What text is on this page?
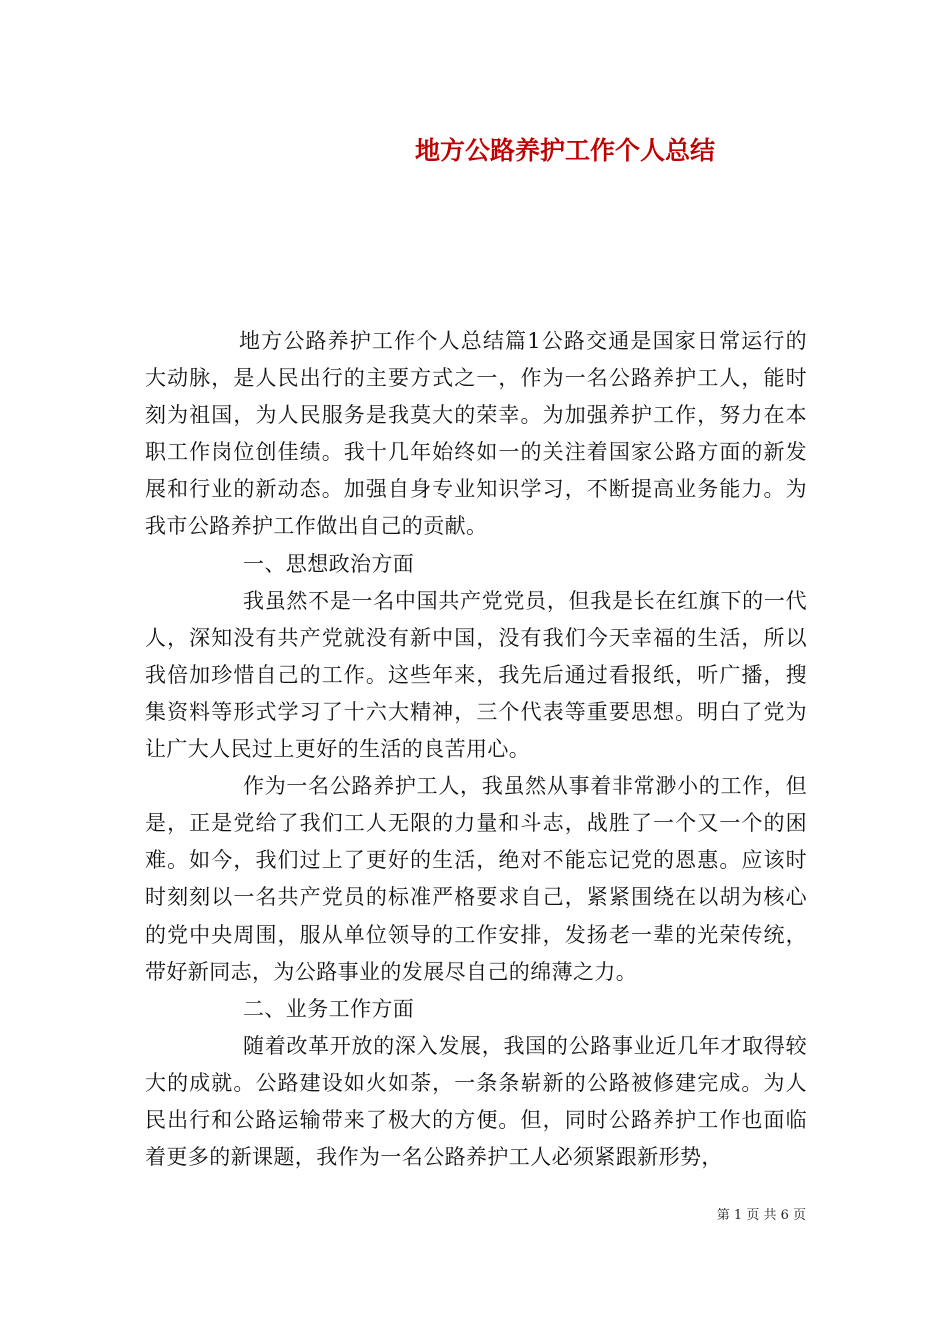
地方公路养护工作个人总结

地方公路养护工作个人总结篇1公路交通是国家日常运行的大动脉，是人民出行的主要方式之一，作为一名公路养护工人，能时刻为祖国，为人民服务是我莫大的荣幸。为加强养护工作，努力在本职工作岗位创佳绩。我十几年始终如一的关注着国家公路方面的新发展和行业的新动态。加强自身专业知识学习，不断提高业务能力。为我市公路养护工作做出自己的贡献。

一、思想政治方面

我虽然不是一名中国共产党党员，但我是长在红旗下的一代人，深知没有共产党就没有新中国，没有我们今天幸福的生活，所以我倍加珍惜自己的工作。这些年来，我先后通过看报纸，听广播，搜集资料等形式学习了十六大精神，三个代表等重要思想。明白了党为让广大人民过上更好的生活的良苦用心。

作为一名公路养护工人，我虽然从事着非常渺小的工作，但是，正是党给了我们工人无限的力量和斗志，战胜了一个又一个的困难。如今，我们过上了更好的生活，绝对不能忘记党的恩惠。应该时时刻刻以一名共产党员的标准严格要求自己，紧紧围绕在以胡为核心的党中央周围，服从单位领导的工作安排，发扬老一辈的光荣传统，带好新同志，为公路事业的发展尽自己的绵薄之力。

二、业务工作方面

随着改革开放的深入发展，我国的公路事业近几年才取得较大的成就。公路建设如火如荼，一条条崭新的公路被修建完成。为人民出行和公路运输带来了极大的方便。但，同时公路养护工作也面临着更多的新课题，我作为一名公路养护工人必须紧跟新形势，

第 1 页 共 6 页
